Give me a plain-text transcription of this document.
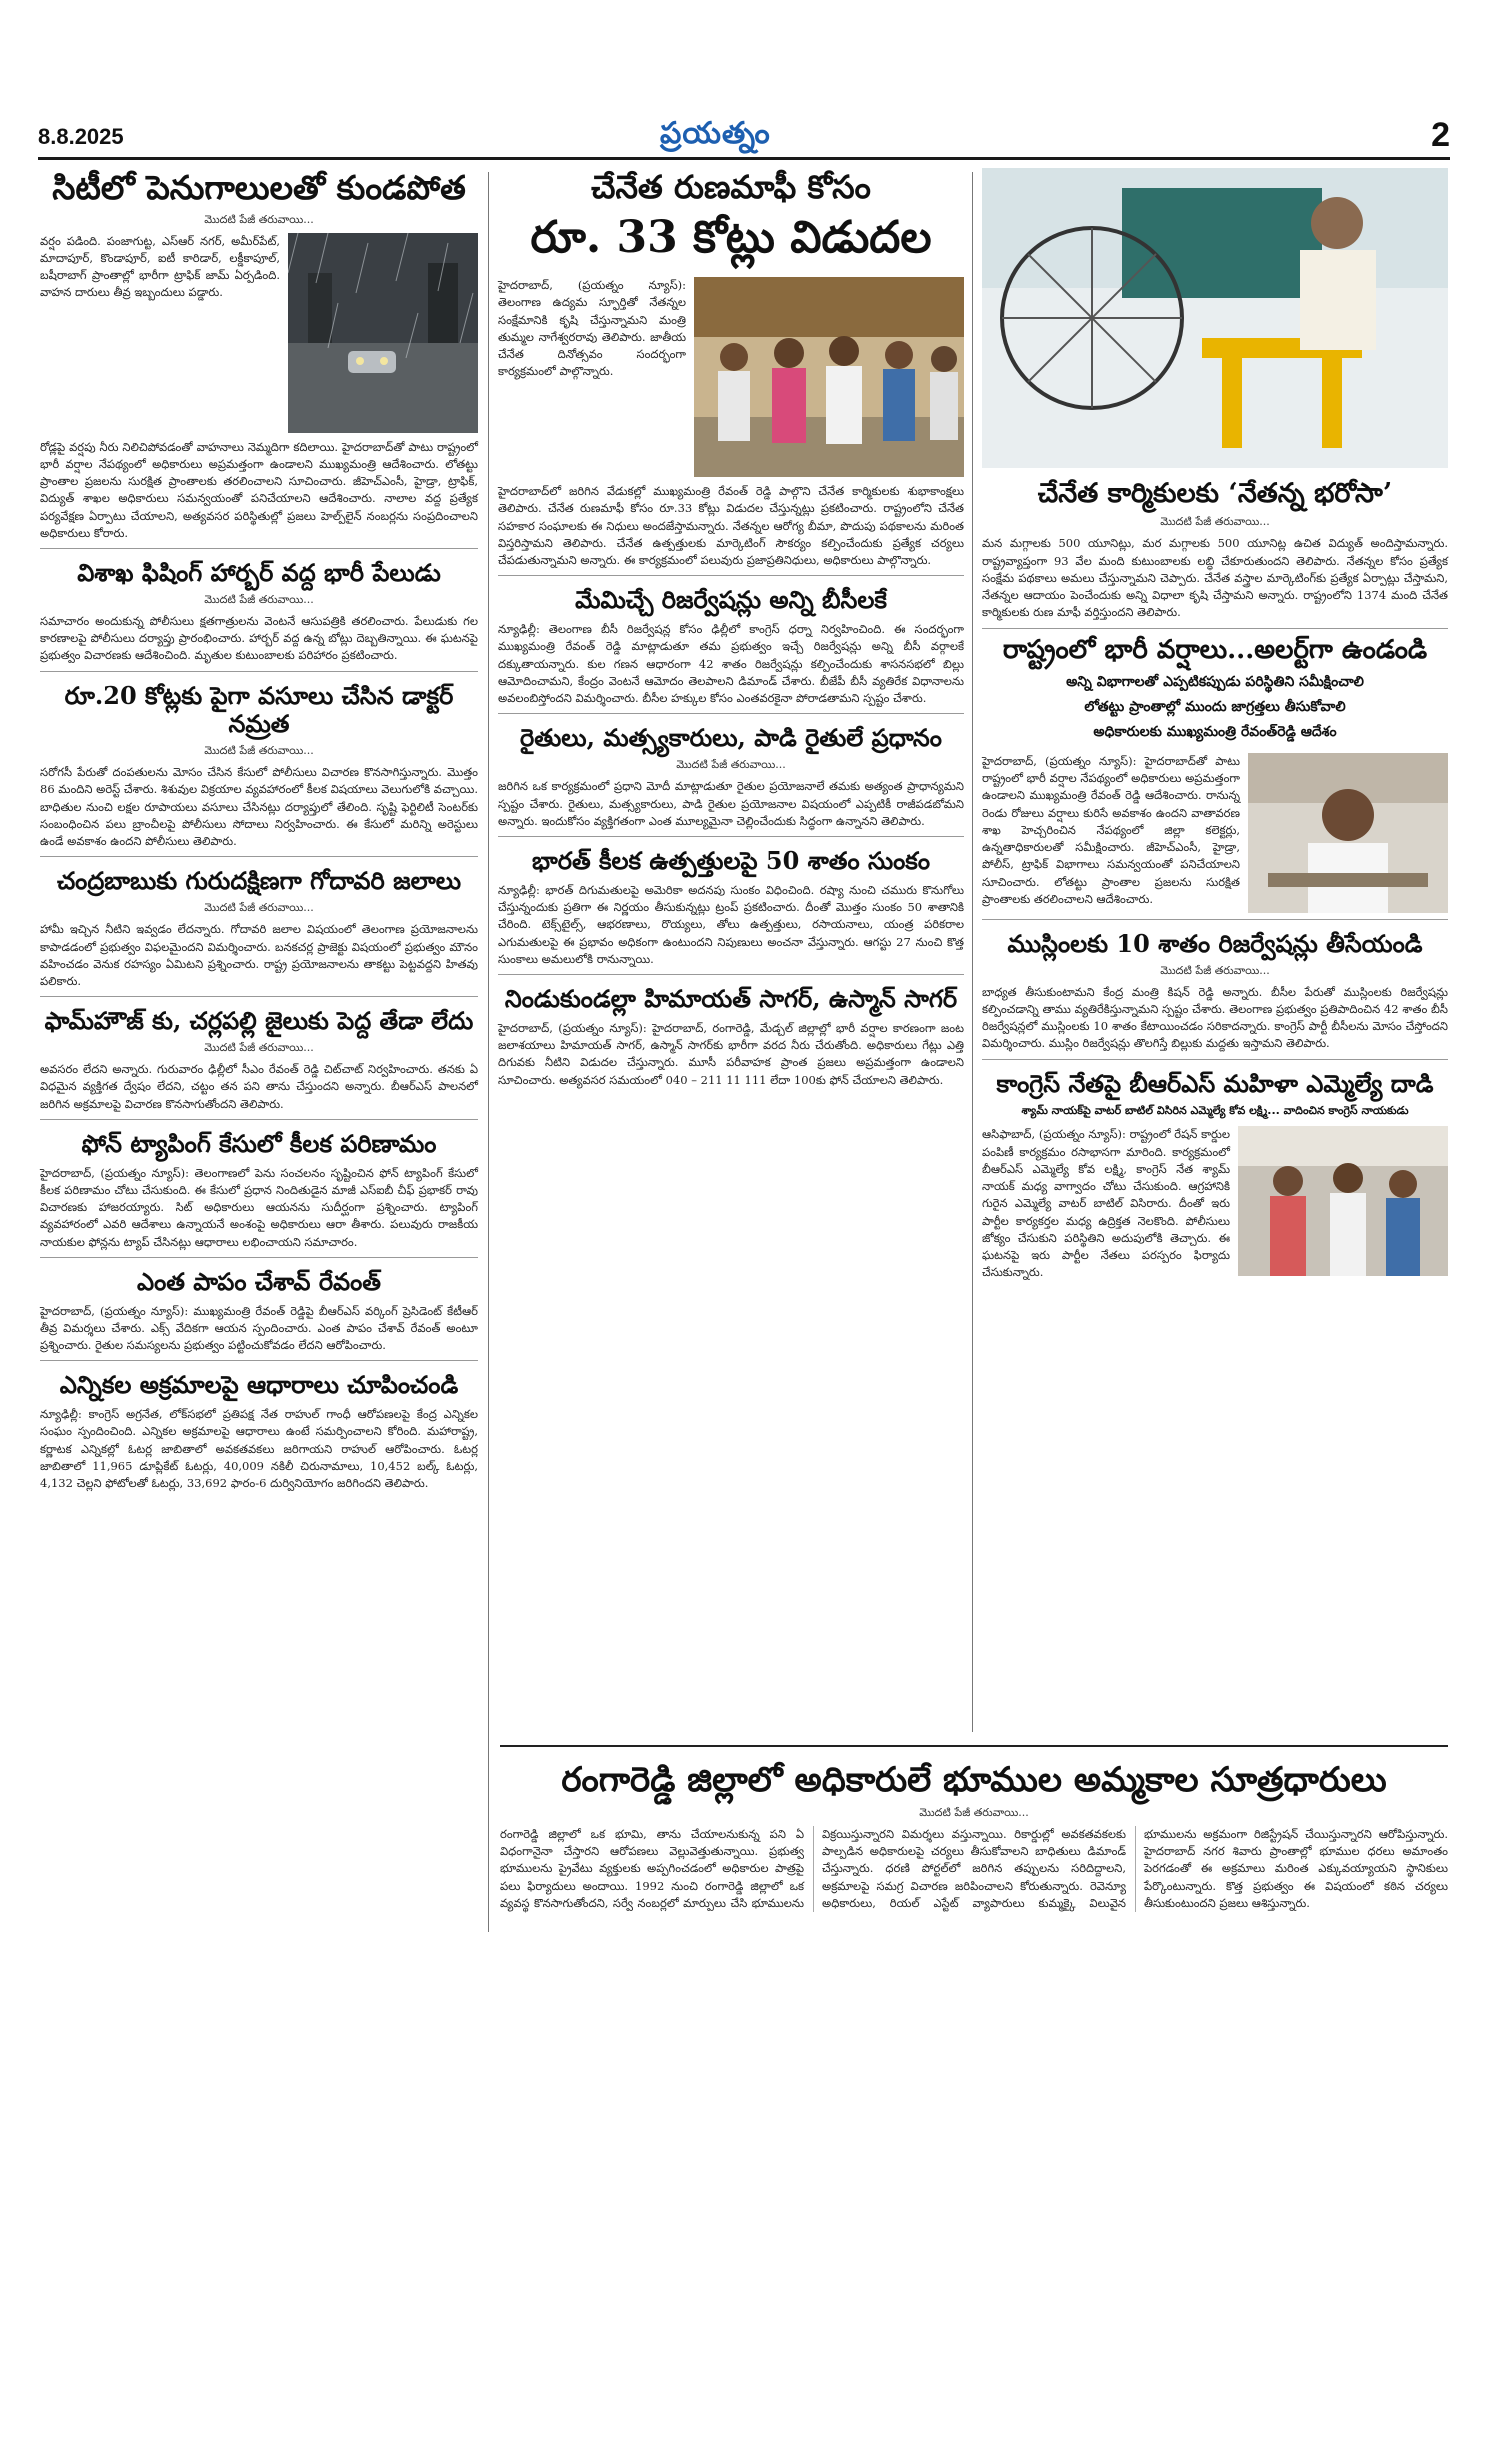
8.8.2025	ప్రయత్నం	2
సిటీలో పెనుగాలులతో కుండపోత
మొదటి పేజీ తరువాయి...
వర్షం పడింది. పంజాగుట్ట, ఎస్ఆర్ నగర్, అమీర్‌పేట్, మాదాపూర్, కొండాపూర్, ఐటీ కారిడార్, లక్డీకాపూల్, బషీరాబాగ్ ప్రాంతాల్లో భారీగా ట్రాఫిక్ జామ్ ఏర్పడింది. వాహన దారులు తీవ్ర ఇబ్బందులు పడ్డారు.
రోడ్లపై వర్షపు నీరు నిలిచిపోవడంతో వాహనాలు నెమ్మదిగా కదిలాయి. హైదరాబాద్‌తో పాటు రాష్ట్రంలో భారీ వర్షాల నేపథ్యంలో అధికారులు అప్రమత్తంగా ఉండాలని ముఖ్యమంత్రి ఆదేశించారు. లోతట్టు ప్రాంతాల ప్రజలను సురక్షిత ప్రాంతాలకు తరలించాలని సూచించారు. జీహెచ్ఎంసీ, హైడ్రా, ట్రాఫిక్, విద్యుత్ శాఖల అధికారులు సమన్వయంతో పనిచేయాలని ఆదేశించారు. నాలాల వద్ద ప్రత్యేక పర్యవేక్షణ ఏర్పాటు చేయాలని, అత్యవసర పరిస్థితుల్లో ప్రజలు హెల్ప్‌లైన్ నంబర్లను సంప్రదించాలని అధికారులు కోరారు.
విశాఖ ఫిషింగ్ హార్బర్ వద్ద భారీ పేలుడు
మొదటి పేజీ తరువాయి...
సమాచారం అందుకున్న పోలీసులు క్షతగాత్రులను వెంటనే ఆసుపత్రికి తరలించారు. పేలుడుకు గల కారణాలపై పోలీసులు దర్యాప్తు ప్రారంభించారు. హార్బర్ వద్ద ఉన్న బోట్లు దెబ్బతిన్నాయి. ఈ ఘటనపై ప్రభుత్వం విచారణకు ఆదేశించింది. మృతుల కుటుంబాలకు పరిహారం ప్రకటించారు.
రూ.20 కోట్లకు పైగా వసూలు చేసిన డాక్టర్ నమ్రత
మొదటి పేజీ తరువాయి...
సరోగసీ పేరుతో దంపతులను మోసం చేసిన కేసులో పోలీసులు విచారణ కొనసాగిస్తున్నారు. మొత్తం 86 మందిని అరెస్ట్ చేశారు. శిశువుల విక్రయాల వ్యవహారంలో కీలక విషయాలు వెలుగులోకి వచ్చాయి. బాధితుల నుంచి లక్షల రూపాయలు వసూలు చేసినట్లు దర్యాప్తులో తేలింది. సృష్టి ఫెర్టిలిటీ సెంటర్‌కు సంబంధించిన పలు బ్రాంచీలపై పోలీసులు సోదాలు నిర్వహించారు. ఈ కేసులో మరిన్ని అరెస్టులు ఉండే అవకాశం ఉందని పోలీసులు తెలిపారు.
చంద్రబాబుకు గురుదక్షిణగా గోదావరి జలాలు
మొదటి పేజీ తరువాయి...
హామీ ఇచ్చిన నీటిని ఇవ్వడం లేదన్నారు. గోదావరి జలాల విషయంలో తెలంగాణ ప్రయోజనాలను కాపాడడంలో ప్రభుత్వం విఫలమైందని విమర్శించారు. బనకచర్ల ప్రాజెక్టు విషయంలో ప్రభుత్వం మౌనం వహించడం వెనుక రహస్యం ఏమిటని ప్రశ్నించారు. రాష్ట్ర ప్రయోజనాలను తాకట్టు పెట్టవద్దని హితవు పలికారు.
ఫామ్‌హౌజ్ కు, చర్లపల్లి జైలుకు పెద్ద తేడా లేదు
మొదటి పేజీ తరువాయి...
అవసరం లేదని అన్నారు. గురువారం ఢిల్లీలో సీఎం రేవంత్ రెడ్డి చిట్‌చాట్ నిర్వహించారు. తనకు ఏ విధమైన వ్యక్తిగత ద్వేషం లేదని, చట్టం తన పని తాను చేస్తుందని అన్నారు. బీఆర్ఎస్ పాలనలో జరిగిన అక్రమాలపై విచారణ కొనసాగుతోందని తెలిపారు.
ఫోన్ ట్యాపింగ్ కేసులో కీలక పరిణామం
హైదరాబాద్, (ప్రయత్నం న్యూస్): తెలంగాణలో పెను సంచలనం సృష్టించిన ఫోన్ ట్యాపింగ్ కేసులో కీలక పరిణామం చోటు చేసుకుంది. ఈ కేసులో ప్రధాన నిందితుడైన మాజీ ఎస్ఐబీ చీఫ్ ప్రభాకర్ రావు విచారణకు హాజరయ్యారు. సిట్ అధికారులు ఆయనను సుదీర్ఘంగా ప్రశ్నించారు. ట్యాపింగ్ వ్యవహారంలో ఎవరి ఆదేశాలు ఉన్నాయనే అంశంపై అధికారులు ఆరా తీశారు. పలువురు రాజకీయ నాయకుల ఫోన్లను ట్యాప్ చేసినట్లు ఆధారాలు లభించాయని సమాచారం.
ఎంత పాపం చేశావ్ రేవంత్
హైదరాబాద్, (ప్రయత్నం న్యూస్): ముఖ్యమంత్రి రేవంత్ రెడ్డిపై బీఆర్ఎస్ వర్కింగ్ ప్రెసిడెంట్ కేటీఆర్ తీవ్ర విమర్శలు చేశారు. ఎక్స్ వేదికగా ఆయన స్పందించారు. ఎంత పాపం చేశావ్ రేవంత్ అంటూ ప్రశ్నించారు. రైతుల సమస్యలను ప్రభుత్వం పట్టించుకోవడం లేదని ఆరోపించారు.
ఎన్నికల అక్రమాలపై ఆధారాలు చూపించండి
న్యూఢిల్లీ: కాంగ్రెస్ అగ్రనేత, లోక్‌సభలో ప్రతిపక్ష నేత రాహుల్ గాంధీ ఆరోపణలపై కేంద్ర ఎన్నికల సంఘం స్పందించింది. ఎన్నికల అక్రమాలపై ఆధారాలు ఉంటే సమర్పించాలని కోరింది. మహారాష్ట్ర, కర్ణాటక ఎన్నికల్లో ఓటర్ల జాబితాలో అవకతవకలు జరిగాయని రాహుల్ ఆరోపించారు. ఓటర్ల జాబితాలో 11,965 డూప్లికేట్ ఓటర్లు, 40,009 నకిలీ చిరునామాలు, 10,452 బల్క్ ఓటర్లు, 4,132 చెల్లని ఫోటోలతో ఓటర్లు, 33,692 ఫారం-6 దుర్వినియోగం జరిగిందని తెలిపారు.
చేనేత రుణమాఫీ కోసం
రూ. 33 కోట్లు విడుదల
హైదరాబాద్, (ప్రయత్నం న్యూస్): తెలంగాణ ఉద్యమ స్ఫూర్తితో నేతన్నల సంక్షేమానికి కృషి చేస్తున్నామని మంత్రి తుమ్మల నాగేశ్వరరావు తెలిపారు. జాతీయ చేనేత దినోత్సవం సందర్భంగా కార్యక్రమంలో పాల్గొన్నారు.
హైదరాబాద్‌లో జరిగిన వేడుకల్లో ముఖ్యమంత్రి రేవంత్ రెడ్డి పాల్గొని చేనేత కార్మికులకు శుభాకాంక్షలు తెలిపారు. చేనేత రుణమాఫీ కోసం రూ.33 కోట్లు విడుదల చేస్తున్నట్లు ప్రకటించారు. రాష్ట్రంలోని చేనేత సహకార సంఘాలకు ఈ నిధులు అందజేస్తామన్నారు. నేతన్నల ఆరోగ్య బీమా, పొదుపు పథకాలను మరింత విస్తరిస్తామని తెలిపారు. చేనేత ఉత్పత్తులకు మార్కెటింగ్ సౌకర్యం కల్పించేందుకు ప్రత్యేక చర్యలు చేపడుతున్నామని అన్నారు. ఈ కార్యక్రమంలో పలువురు ప్రజాప్రతినిధులు, అధికారులు పాల్గొన్నారు.
మేమిచ్చే రిజర్వేషన్లు అన్ని బీసీలకే
న్యూఢిల్లీ: తెలంగాణ బీసీ రిజర్వేషన్ల కోసం ఢిల్లీలో కాంగ్రెస్ ధర్నా నిర్వహించింది. ఈ సందర్భంగా ముఖ్యమంత్రి రేవంత్ రెడ్డి మాట్లాడుతూ తమ ప్రభుత్వం ఇచ్చే రిజర్వేషన్లు అన్ని బీసీ వర్గాలకే దక్కుతాయన్నారు. కుల గణన ఆధారంగా 42 శాతం రిజర్వేషన్లు కల్పించేందుకు శాసనసభలో బిల్లు ఆమోదించామని, కేంద్రం వెంటనే ఆమోదం తెలపాలని డిమాండ్ చేశారు. బీజేపీ బీసీ వ్యతిరేక విధానాలను అవలంబిస్తోందని విమర్శించారు. బీసీల హక్కుల కోసం ఎంతవరకైనా పోరాడతామని స్పష్టం చేశారు.
రైతులు, మత్స్యకారులు, పాడి రైతులే ప్రధానం
మొదటి పేజీ తరువాయి...
జరిగిన ఒక కార్యక్రమంలో ప్రధాని మోదీ మాట్లాడుతూ రైతుల ప్రయోజనాలే తమకు అత్యంత ప్రాధాన్యమని స్పష్టం చేశారు. రైతులు, మత్స్యకారులు, పాడి రైతుల ప్రయోజనాల విషయంలో ఎప్పటికీ రాజీపడబోమని అన్నారు. ఇందుకోసం వ్యక్తిగతంగా ఎంత మూల్యమైనా చెల్లించేందుకు సిద్ధంగా ఉన్నానని తెలిపారు.
భారత్ కీలక ఉత్పత్తులపై 50 శాతం సుంకం
న్యూఢిల్లీ: భారత్ దిగుమతులపై అమెరికా అదనపు సుంకం విధించింది. రష్యా నుంచి చమురు కొనుగోలు చేస్తున్నందుకు ప్రతిగా ఈ నిర్ణయం తీసుకున్నట్లు ట్రంప్ ప్రకటించారు. దీంతో మొత్తం సుంకం 50 శాతానికి చేరింది. టెక్స్‌టైల్స్, ఆభరణాలు, రొయ్యలు, తోలు ఉత్పత్తులు, రసాయనాలు, యంత్ర పరికరాల ఎగుమతులపై ఈ ప్రభావం అధికంగా ఉంటుందని నిపుణులు అంచనా వేస్తున్నారు. ఆగస్టు 27 నుంచి కొత్త సుంకాలు అమలులోకి రానున్నాయి.
నిండుకుండల్లా హిమాయత్ సాగర్, ఉస్మాన్ సాగర్
హైదరాబాద్, (ప్రయత్నం న్యూస్): హైదరాబాద్, రంగారెడ్డి, మేడ్చల్ జిల్లాల్లో భారీ వర్షాల కారణంగా జంట జలాశయాలు హిమాయత్ సాగర్, ఉస్మాన్ సాగర్‌కు భారీగా వరద నీరు చేరుతోంది. అధికారులు గేట్లు ఎత్తి దిగువకు నీటిని విడుదల చేస్తున్నారు. మూసీ పరీవాహక ప్రాంత ప్రజలు అప్రమత్తంగా ఉండాలని సూచించారు. అత్యవసర సమయంలో 040 – 211 11 111 లేదా 100కు ఫోన్ చేయాలని తెలిపారు.
చేనేత కార్మికులకు ‘నేతన్న భరోసా’
మొదటి పేజీ తరువాయి...
మన మగ్గాలకు 500 యూనిట్లు, మర మగ్గాలకు 500 యూనిట్ల ఉచిత విద్యుత్ అందిస్తామన్నారు. రాష్ట్రవ్యాప్తంగా 93 వేల మంది కుటుంబాలకు లబ్ధి చేకూరుతుందని తెలిపారు. నేతన్నల కోసం ప్రత్యేక సంక్షేమ పథకాలు అమలు చేస్తున్నామని చెప్పారు. చేనేత వస్త్రాల మార్కెటింగ్‌కు ప్రత్యేక ఏర్పాట్లు చేస్తామని, నేతన్నల ఆదాయం పెంచేందుకు అన్ని విధాలా కృషి చేస్తామని అన్నారు. రాష్ట్రంలోని 1374 మంది చేనేత కార్మికులకు రుణ మాఫీ వర్తిస్తుందని తెలిపారు.
రాష్ట్రంలో భారీ వర్షాలు...అలర్ట్‌గా ఉండండి
అన్ని విభాగాలతో ఎప్పటికప్పుడు పరిస్థితిని సమీక్షించాలి
లోతట్టు ప్రాంతాల్లో ముందు జాగ్రత్తలు తీసుకోవాలి
అధికారులకు ముఖ్యమంత్రి రేవంత్‌రెడ్డి ఆదేశం
హైదరాబాద్, (ప్రయత్నం న్యూస్): హైదరాబాద్‌తో పాటు రాష్ట్రంలో భారీ వర్షాల నేపథ్యంలో అధికారులు అప్రమత్తంగా ఉండాలని ముఖ్యమంత్రి రేవంత్ రెడ్డి ఆదేశించారు. రానున్న రెండు రోజులు వర్షాలు కురిసే అవకాశం ఉందని వాతావరణ శాఖ హెచ్చరించిన నేపథ్యంలో జిల్లా కలెక్టర్లు, ఉన్నతాధికారులతో సమీక్షించారు. జీహెచ్ఎంసీ, హైడ్రా, పోలీస్, ట్రాఫిక్ విభాగాలు సమన్వయంతో పనిచేయాలని సూచించారు. లోతట్టు ప్రాంతాల ప్రజలను సురక్షిత ప్రాంతాలకు తరలించాలని ఆదేశించారు.
ముస్లింలకు 10 శాతం రిజర్వేషన్లు తీసేయండి
మొదటి పేజీ తరువాయి...
బాధ్యత తీసుకుంటామని కేంద్ర మంత్రి కిషన్ రెడ్డి అన్నారు. బీసీల పేరుతో ముస్లింలకు రిజర్వేషన్లు కల్పించడాన్ని తాము వ్యతిరేకిస్తున్నామని స్పష్టం చేశారు. తెలంగాణ ప్రభుత్వం ప్రతిపాదించిన 42 శాతం బీసీ రిజర్వేషన్లలో ముస్లింలకు 10 శాతం కేటాయించడం సరికాదన్నారు. కాంగ్రెస్ పార్టీ బీసీలను మోసం చేస్తోందని విమర్శించారు. ముస్లిం రిజర్వేషన్లు తొలగిస్తే బిల్లుకు మద్దతు ఇస్తామని తెలిపారు.
కాంగ్రెస్ నేతపై బీఆర్ఎస్ మహిళా ఎమ్మెల్యే దాడి
శ్యామ్ నాయక్‌పై వాటర్ బాటిల్ విసిరిన ఎమ్మెల్యే కోవ లక్ష్మి... వాదించిన కాంగ్రెస్ నాయకుడు
ఆసిఫాబాద్, (ప్రయత్నం న్యూస్): రాష్ట్రంలో రేషన్ కార్డుల పంపిణీ కార్యక్రమం రసాభాసగా మారింది. కార్యక్రమంలో బీఆర్ఎస్ ఎమ్మెల్యే కోవ లక్ష్మి, కాంగ్రెస్ నేత శ్యామ్ నాయక్ మధ్య వాగ్వాదం చోటు చేసుకుంది. ఆగ్రహానికి గురైన ఎమ్మెల్యే వాటర్ బాటిల్ విసిరారు. దీంతో ఇరు పార్టీల కార్యకర్తల మధ్య ఉద్రిక్తత నెలకొంది. పోలీసులు జోక్యం చేసుకుని పరిస్థితిని అదుపులోకి తెచ్చారు. ఈ ఘటనపై ఇరు పార్టీల నేతలు పరస్పరం ఫిర్యాదు చేసుకున్నారు.
రంగారెడ్డి జిల్లాలో అధికారులే భూముల అమ్మకాల సూత్రధారులు
మొదటి పేజీ తరువాయి...
రంగారెడ్డి జిల్లాలో ఒక భూమి, తాను చేయాలనుకున్న పని ఏ విధంగానైనా చేస్తారని ఆరోపణలు వెల్లువెత్తుతున్నాయి. ప్రభుత్వ భూములను ప్రైవేటు వ్యక్తులకు అప్పగించడంలో అధికారుల పాత్రపై పలు ఫిర్యాదులు అందాయి. 1992 నుంచి రంగారెడ్డి జిల్లాలో ఒక వ్యవస్థ కొనసాగుతోందని, సర్వే నంబర్లలో మార్పులు చేసి భూములను విక్రయిస్తున్నారని విమర్శలు వస్తున్నాయి. రికార్డుల్లో అవకతవకలకు పాల్పడిన అధికారులపై చర్యలు తీసుకోవాలని బాధితులు డిమాండ్ చేస్తున్నారు. ధరణి పోర్టల్‌లో జరిగిన తప్పులను సరిదిద్దాలని, అక్రమాలపై సమగ్ర విచారణ జరిపించాలని కోరుతున్నారు. రెవెన్యూ అధికారులు, రియల్ ఎస్టేట్ వ్యాపారులు కుమ్మక్కై విలువైన భూములను అక్రమంగా రిజిస్ట్రేషన్ చేయిస్తున్నారని ఆరోపిస్తున్నారు. హైదరాబాద్ నగర శివారు ప్రాంతాల్లో భూముల ధరలు అమాంతం పెరగడంతో ఈ అక్రమాలు మరింత ఎక్కువయ్యాయని స్థానికులు పేర్కొంటున్నారు. కొత్త ప్రభుత్వం ఈ విషయంలో కఠిన చర్యలు తీసుకుంటుందని ప్రజలు ఆశిస్తున్నారు.
